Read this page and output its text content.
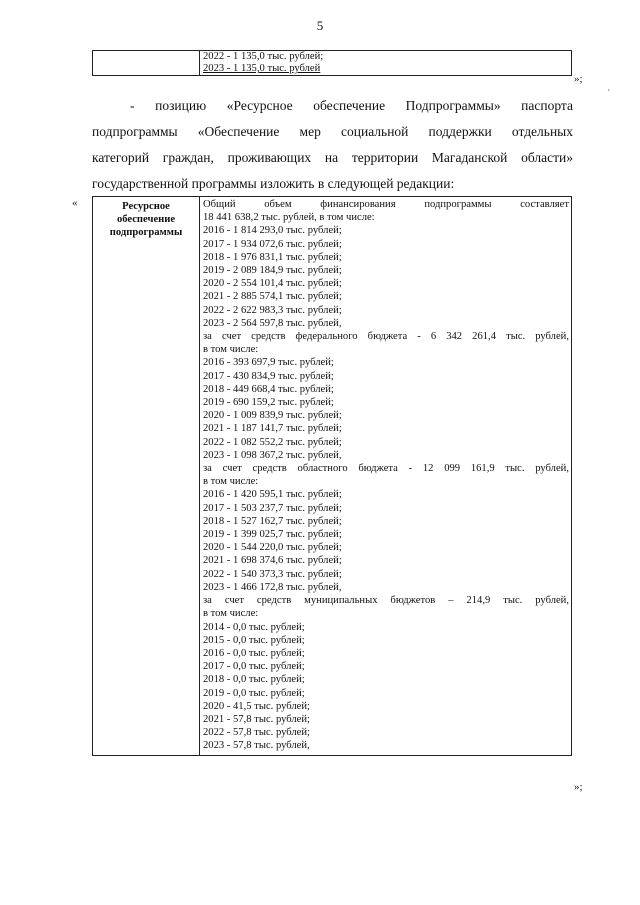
5

2022 - 1 135,0 тыс. рублей;
2023 - 1 135,0 тыс. рублей
»;
'
- позицию «Ресурсное обеспечение Подпрограммы» паспорта
подпрограммы «Обеспечение мер социальной поддержки отдельных
категорий граждан, проживающих на территории Магаданской области»
государственной программы изложить в следующей редакции:
«	Ресурсное
обеспечение
подпрограммы

Общий объем финансирования подпрограммы составляет
18 441 638,2 тыс. рублей, в том числе:
2016 - 1 814 293,0 тыс. рублей;
2017 - 1 934 072,6 тыс. рублей;
2018 - 1 976 831,1 тыс. рублей;
2019 - 2 089 184,9 тыс. рублей;
2020 - 2 554 101,4 тыс. рублей;
2021 - 2 885 574,1 тыс. рублей;
2022 - 2 622 983,3 тыс. рублей;
2023 - 2 564 597,8 тыс. рублей,
за счет средств федерального бюджета - 6 342 261,4 тыс. рублей,
в том числе:
2016 - 393 697,9 тыс. рублей;
2017 - 430 834,9 тыс. рублей;
2018 - 449 668,4 тыс. рублей;
2019 - 690 159,2 тыс. рублей;
2020 - 1 009 839,9 тыс. рублей;
2021 - 1 187 141,7 тыс. рублей;
2022 - 1 082 552,2 тыс. рублей;
2023 - 1 098 367,2 тыс. рублей,
за счет средств областного бюджета - 12 099 161,9 тыс. рублей,
в том числе:
2016 - 1 420 595,1 тыс. рублей;
2017 - 1 503 237,7 тыс. рублей;
2018 - 1 527 162,7 тыс. рублей;
2019 - 1 399 025,7 тыс. рублей;
2020 - 1 544 220,0 тыс. рублей;
2021 - 1 698 374,6 тыс. рублей;
2022 - 1 540 373,3 тыс. рублей;
2023 - 1 466 172,8 тыс. рублей,
за счет средств муниципальных бюджетов – 214,9 тыс. рублей,
в том числе:
2014 - 0,0 тыс. рублей;
2015 - 0,0 тыс. рублей;
2016 - 0,0 тыс. рублей;
2017 - 0,0 тыс. рублей;
2018 - 0,0 тыс. рублей;
2019 - 0,0 тыс. рублей;
2020 - 41,5 тыс. рублей;
2021 - 57,8 тыс. рублей;
2022 - 57,8 тыс. рублей;
2023 - 57,8 тыс. рублей,
»;
